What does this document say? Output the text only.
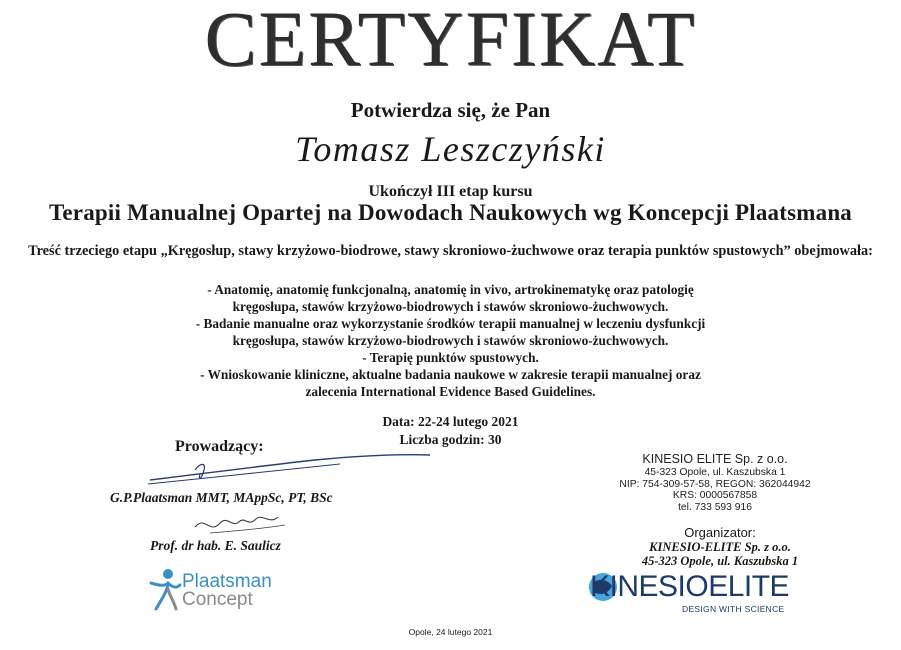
CERTYFIKAT
Potwierdza się, że Pan
Tomasz Leszczyński
Ukończył III etap kursu
Terapii Manualnej Opartej na Dowodach Naukowych wg Koncepcji Plaatsmana
Treść trzeciego etapu „Kręgosłup, stawy krzyżowo-biodrowe, stawy skroniowo-żuchwowe oraz terapia punktów spustowych” obejmowała:
- Anatomię, anatomię funkcjonalną, anatomię in vivo, artrokinematykę oraz patologię
kręgosłupa, stawów krzyżowo-biodrowych i stawów skroniowo-żuchwowych.
- Badanie manualne oraz wykorzystanie środków terapii manualnej w leczeniu dysfunkcji
kręgosłupa, stawów krzyżowo-biodrowych i stawów skroniowo-żuchwowych.
- Terapię punktów spustowych.
- Wnioskowanie kliniczne, aktualne badania naukowe w zakresie terapii manualnej oraz
zalecenia International Evidence Based Guidelines.
Data: 22-24 lutego 2021
Liczba godzin: 30
Prowadzący:
G.P.Plaatsman MMT, MAppSc, PT, BSc
Prof. dr hab. E. Saulicz
KINESIO ELITE Sp. z o.o.
45-323 Opole, ul. Kaszubska 1
NIP: 754-309-57-58, REGON: 362044942
KRS: 0000567858
tel. 733 593 916
Organizator:
KINESIO-ELITE Sp. z o.o.
45-323 Opole, ul. Kaszubska 1
Plaatsman
Concept	KINESIOELITE
DESIGN WITH SCIENCE
Opole, 24 lutego 2021
